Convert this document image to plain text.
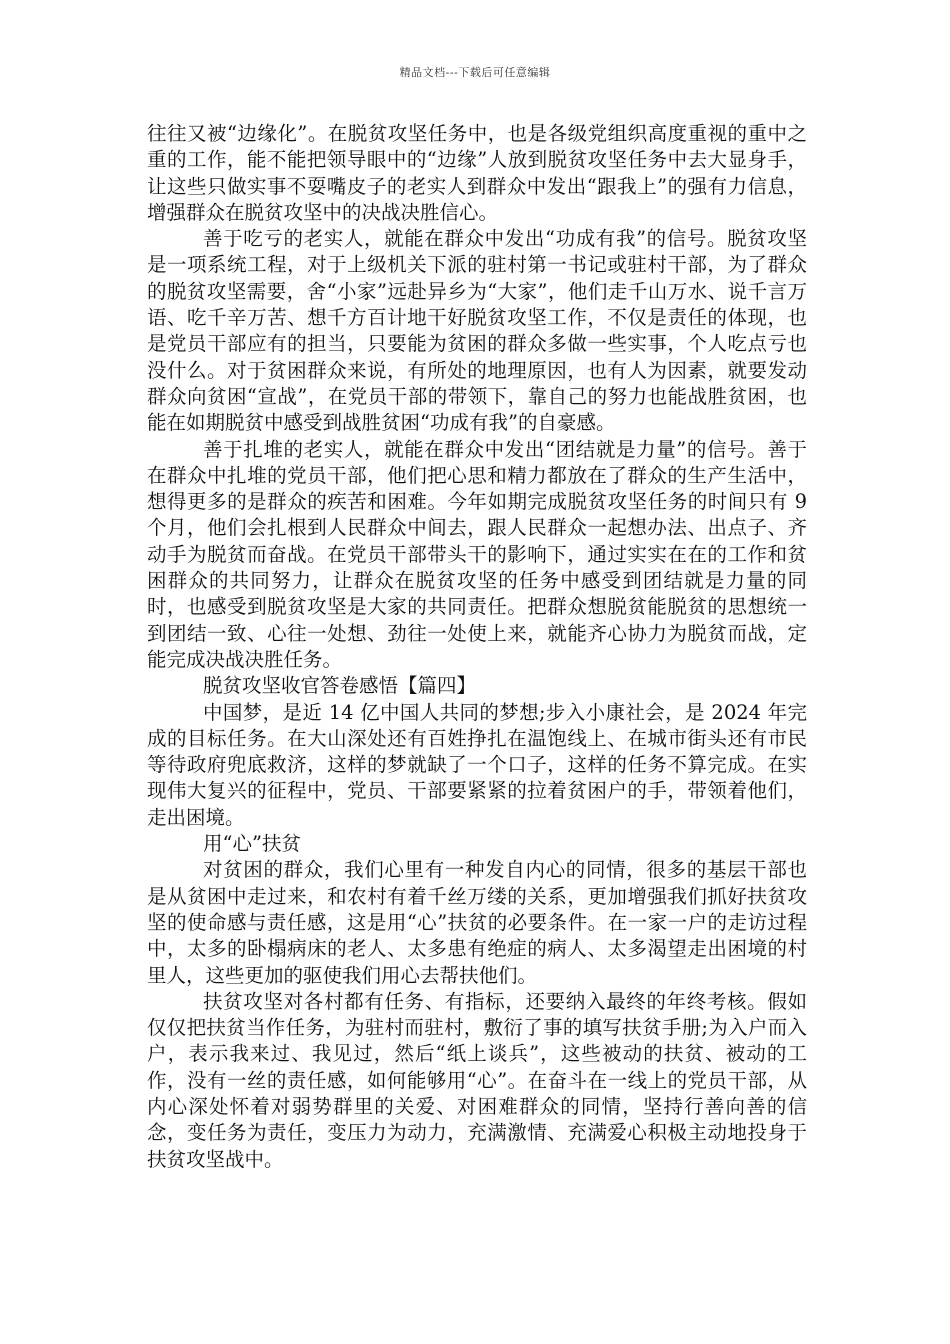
精品文档---下载后可任意编辑

往往又被“边缘化”。在脱贫攻坚任务中，也是各级党组织高度重视的重中之重的工作，能不能把领导眼中的“边缘”人放到脱贫攻坚任务中去大显身手，让这些只做实事不耍嘴皮子的老实人到群众中发出“跟我上”的强有力信息，增强群众在脱贫攻坚中的决战决胜信心。

善于吃亏的老实人，就能在群众中发出“功成有我”的信号。脱贫攻坚是一项系统工程，对于上级机关下派的驻村第一书记或驻村干部，为了群众的脱贫攻坚需要，舍“小家”远赴异乡为“大家”，他们走千山万水、说千言万语、吃千辛万苦、想千方百计地干好脱贫攻坚工作，不仅是责任的体现，也是党员干部应有的担当，只要能为贫困的群众多做一些实事，个人吃点亏也没什么。对于贫困群众来说，有所处的地理原因，也有人为因素，就要发动群众向贫困“宣战”，在党员干部的带领下，靠自己的努力也能战胜贫困，也能在如期脱贫中感受到战胜贫困“功成有我”的自豪感。

善于扎堆的老实人，就能在群众中发出“团结就是力量”的信号。善于在群众中扎堆的党员干部，他们把心思和精力都放在了群众的生产生活中，想得更多的是群众的疾苦和困难。今年如期完成脱贫攻坚任务的时间只有 9 个月，他们会扎根到人民群众中间去，跟人民群众一起想办法、出点子、齐动手为脱贫而奋战。在党员干部带头干的影响下，通过实实在在的工作和贫困群众的共同努力，让群众在脱贫攻坚的任务中感受到团结就是力量的同时，也感受到脱贫攻坚是大家的共同责任。把群众想脱贫能脱贫的思想统一到团结一致、心往一处想、劲往一处使上来，就能齐心协力为脱贫而战，定能完成决战决胜任务。

脱贫攻坚收官答卷感悟【篇四】

中国梦，是近 14 亿中国人共同的梦想;步入小康社会，是 2024 年完成的目标任务。在大山深处还有百姓挣扎在温饱线上、在城市街头还有市民等待政府兜底救济，这样的梦就缺了一个口子，这样的任务不算完成。在实现伟大复兴的征程中，党员、干部要紧紧的拉着贫困户的手，带领着他们，走出困境。

用“心”扶贫

对贫困的群众，我们心里有一种发自内心的同情，很多的基层干部也是从贫困中走过来，和农村有着千丝万缕的关系，更加增强我们抓好扶贫攻坚的使命感与责任感，这是用“心”扶贫的必要条件。在一家一户的走访过程中，太多的卧榻病床的老人、太多患有绝症的病人、太多渴望走出困境的村里人，这些更加的驱使我们用心去帮扶他们。

扶贫攻坚对各村都有任务、有指标，还要纳入最终的年终考核。假如仅仅把扶贫当作任务，为驻村而驻村，敷衍了事的填写扶贫手册;为入户而入户，表示我来过、我见过，然后“纸上谈兵”，这些被动的扶贫、被动的工作，没有一丝的责任感，如何能够用“心”。在奋斗在一线上的党员干部，从内心深处怀着对弱势群里的关爱、对困难群众的同情，坚持行善向善的信念，变任务为责任，变压力为动力，充满激情、充满爱心积极主动地投身于扶贫攻坚战中。
